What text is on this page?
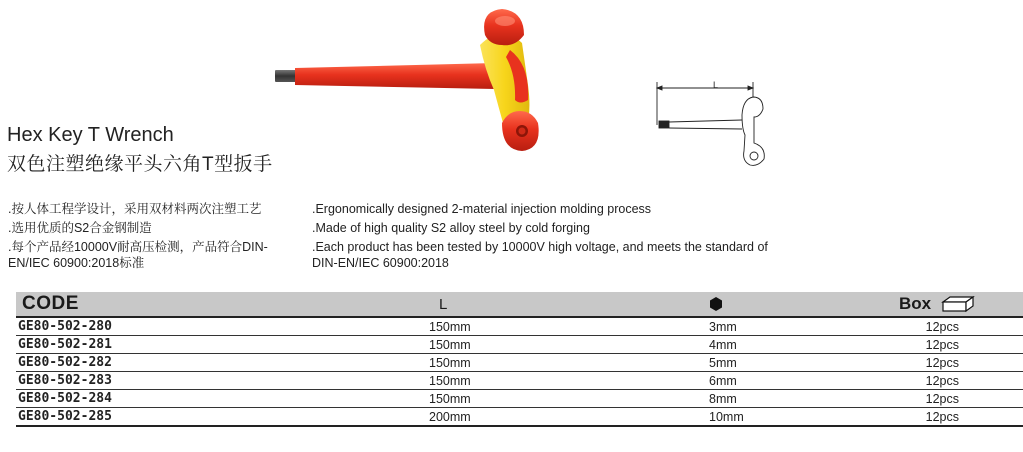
L
Hex Key T Wrench
双色注塑绝缘平头六角T型扳手

.按人体工程学设计，采用双材料两次注塑工艺

.选用优质的S2合金钢制造

.每个产品经10000V耐高压检测，产品符合DIN-

EN/IEC 60900:2018标准

.Ergonomically designed 2-material injection molding process

.Made of high quality S2 alloy steel by cold forging

.Each product has been tested by 10000V high voltage, and meets the standard of

DIN-EN/IEC 60900:2018

CODE	L		Box
GE80-502-280	150mm	3mm	12pcs
GE80-502-281	150mm	4mm	12pcs
GE80-502-282	150mm	5mm	12pcs
GE80-502-283	150mm	6mm	12pcs
GE80-502-284	150mm	8mm	12pcs
GE80-502-285	200mm	10mm	12pcs
